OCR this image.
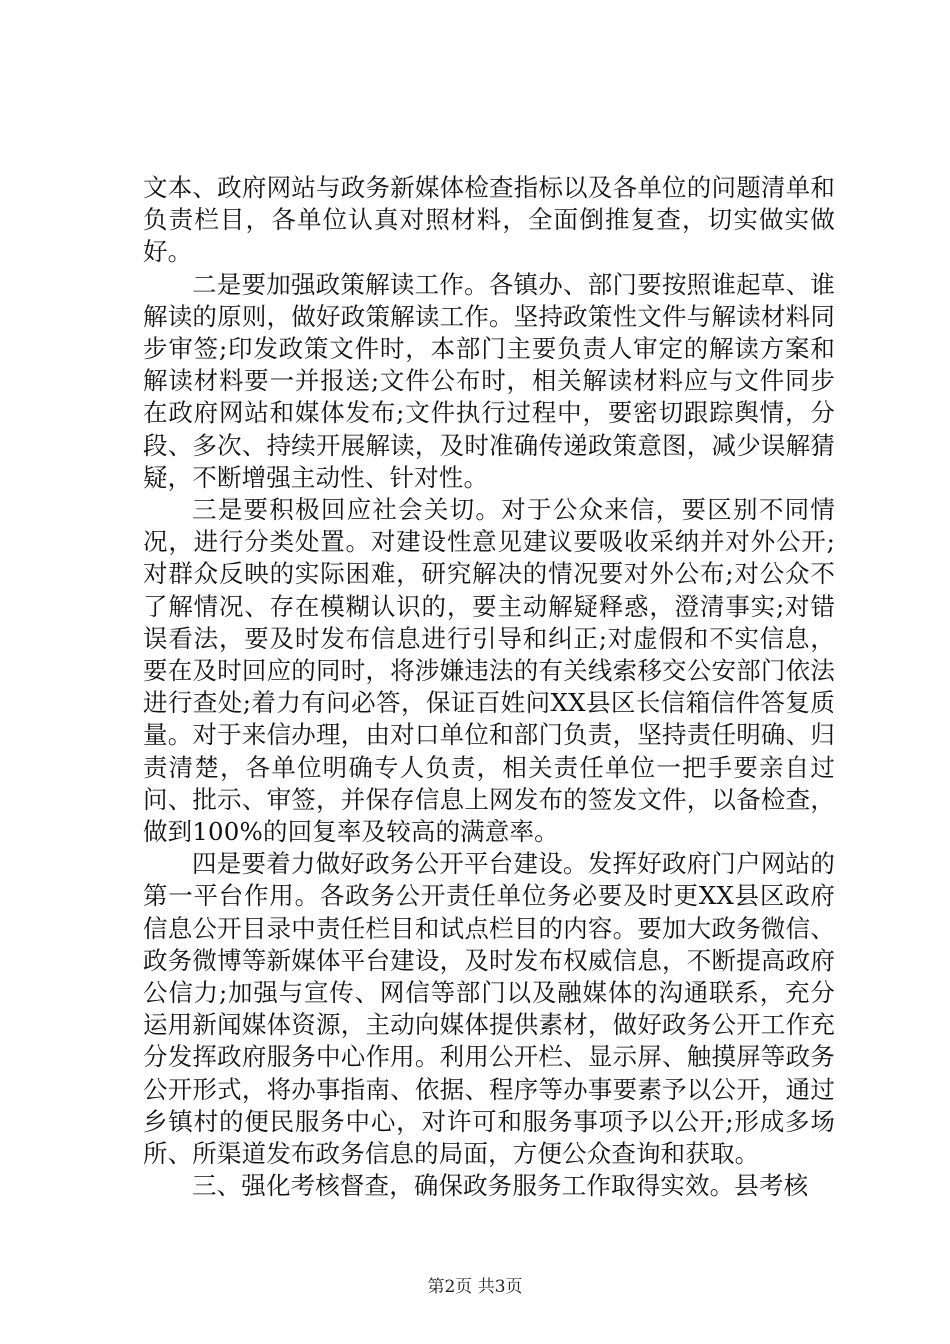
文本、政府网站与政务新媒体检查指标以及各单位的问题清单和负责栏目，各单位认真对照材料，全面倒推复查，切实做实做好。

二是要加强政策解读工作。各镇办、部门要按照谁起草、谁解读的原则，做好政策解读工作。坚持政策性文件与解读材料同步审签;印发政策文件时，本部门主要负责人审定的解读方案和解读材料要一并报送;文件公布时，相关解读材料应与文件同步在政府网站和媒体发布;文件执行过程中，要密切跟踪舆情，分段、多次、持续开展解读，及时准确传递政策意图，减少误解猜疑，不断增强主动性、针对性。

三是要积极回应社会关切。对于公众来信，要区别不同情况，进行分类处置。对建设性意见建议要吸收采纳并对外公开;对群众反映的实际困难，研究解决的情况要对外公布;对公众不了解情况、存在模糊认识的，要主动解疑释惑，澄清事实;对错误看法，要及时发布信息进行引导和纠正;对虚假和不实信息，要在及时回应的同时，将涉嫌违法的有关线索移交公安部门依法进行查处;着力有问必答，保证百姓问XX县区长信箱信件答复质量。对于来信办理，由对口单位和部门负责，坚持责任明确、归责清楚，各单位明确专人负责，相关责任单位一把手要亲自过问、批示、审签，并保存信息上网发布的签发文件，以备检查，做到100%的回复率及较高的满意率。

四是要着力做好政务公开平台建设。发挥好政府门户网站的第一平台作用。各政务公开责任单位务必要及时更XX县区政府信息公开目录中责任栏目和试点栏目的内容。要加大政务微信、政务微博等新媒体平台建设，及时发布权威信息，不断提高政府公信力;加强与宣传、网信等部门以及融媒体的沟通联系，充分运用新闻媒体资源，主动向媒体提供素材，做好政务公开工作充分发挥政府服务中心作用。利用公开栏、显示屏、触摸屏等政务公开形式，将办事指南、依据、程序等办事要素予以公开，通过乡镇村的便民服务中心，对许可和服务事项予以公开;形成多场所、所渠道发布政务信息的局面，方便公众查询和获取。

三、强化考核督查，确保政务服务工作取得实效。县考核

第2页 共3页
